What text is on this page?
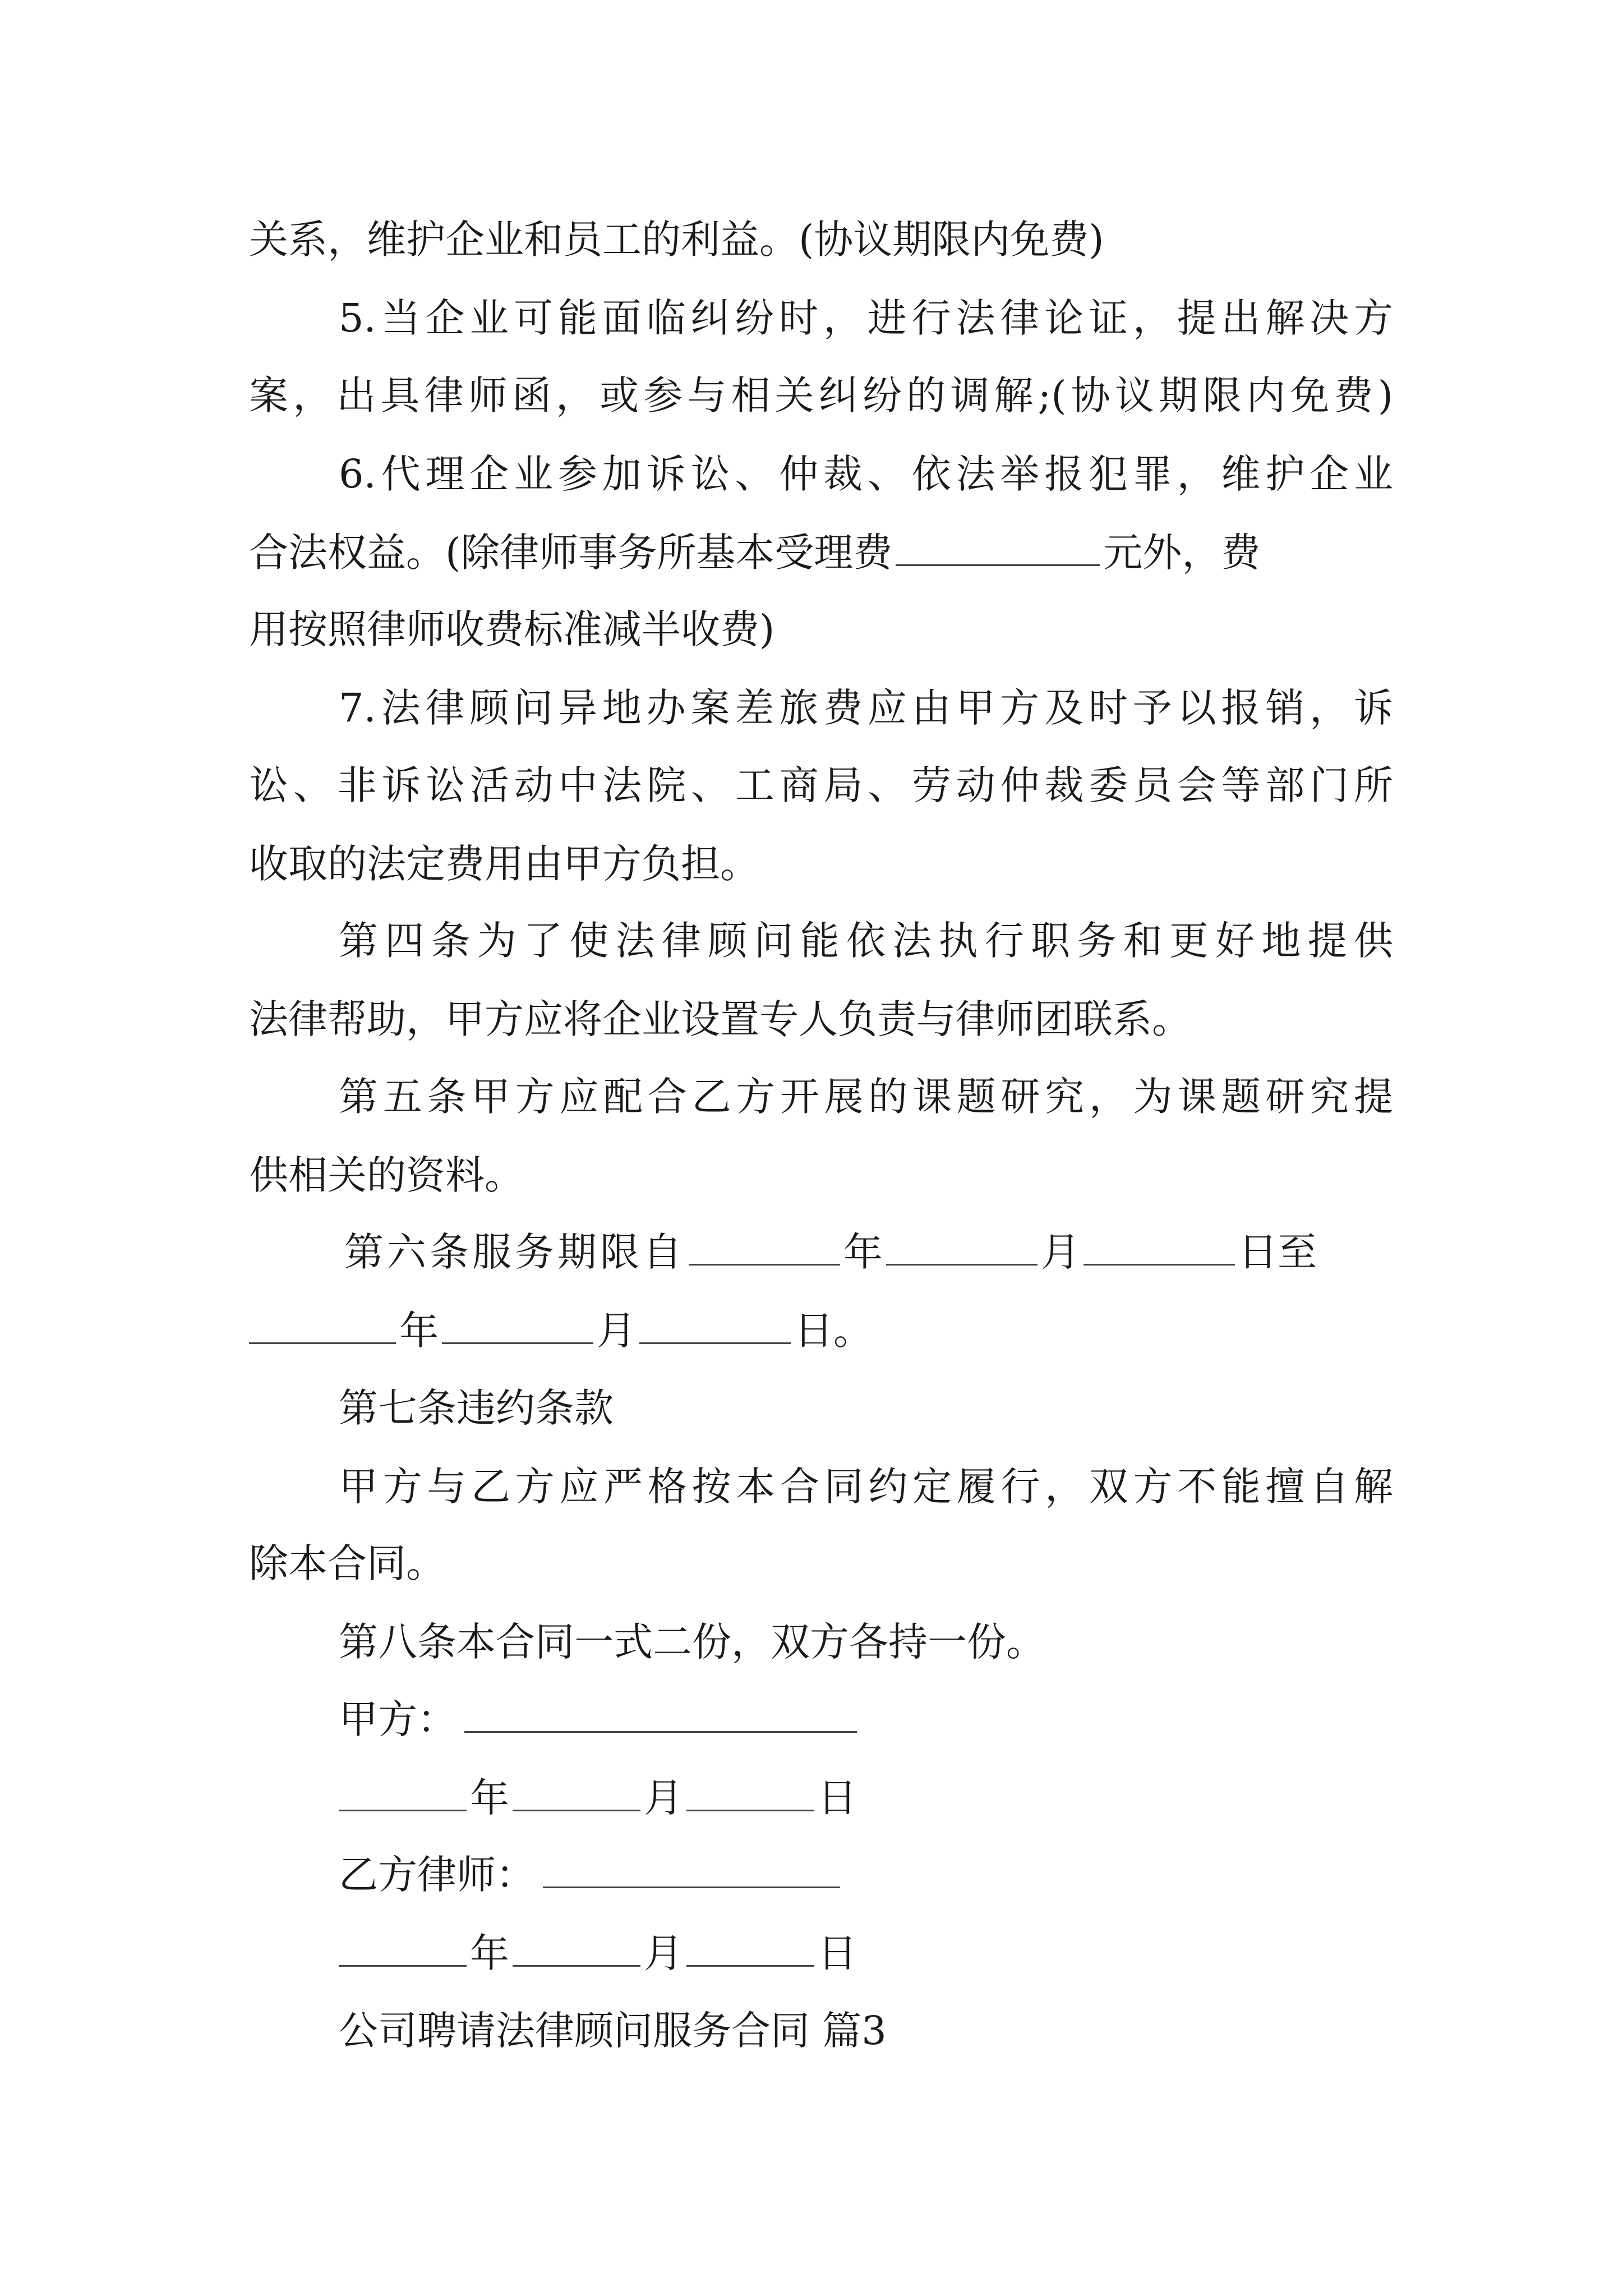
关系，维护企业和员工的利益。(协议期限内免费)
5.当企业可能面临纠纷时，进行法律论证，提出解决方
案，出具律师函，或参与相关纠纷的调解;(协议期限内免费)
6.代理企业参加诉讼、仲裁、依法举报犯罪，维护企业
合法权益。(除律师事务所基本受理费	元外，费
用按照律师收费标准减半收费)
7.法律顾问异地办案差旅费应由甲方及时予以报销，诉
讼、非诉讼活动中法院、工商局、劳动仲裁委员会等部门所
收取的法定费用由甲方负担。
第四条为了使法律顾问能依法执行职务和更好地提供
法律帮助，甲方应将企业设置专人负责与律师团联系。
第五条甲方应配合乙方开展的课题研究，为课题研究提
供相关的资料。
第六条服务期限自	年	月	日至
年	月	日。
第七条违约条款
甲方与乙方应严格按本合同约定履行，双方不能擅自解
除本合同。
第八条本合同一式二份，双方各持一份。
甲方：
年	月	日
乙方律师：
年	月	日
公司聘请法律顾问服务合同 篇3
